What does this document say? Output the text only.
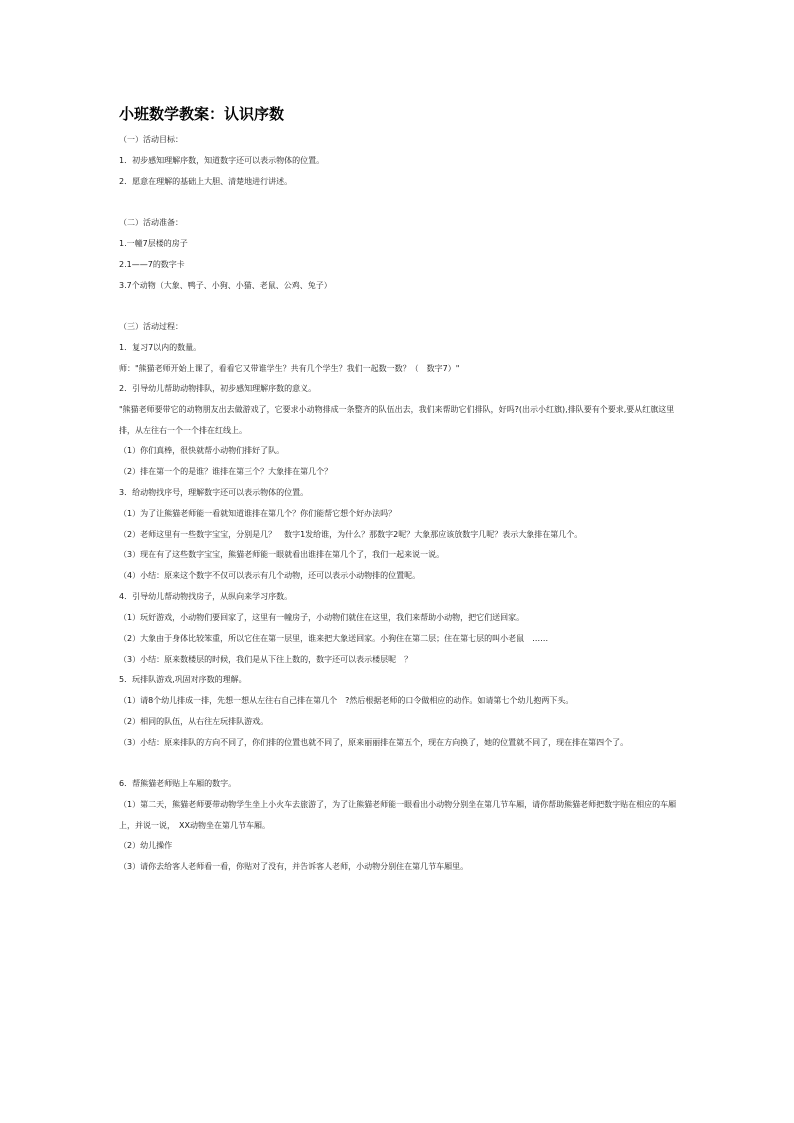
小班数学教案：认识序数
（一）活动目标：
1．初步感知理解序数，知道数字还可以表示物体的位置。
2．愿意在理解的基础上大胆、清楚地进行讲述。
（二）活动准备：
1.一幢7层楼的房子
2.1——7的数字卡
3.7个动物（大象、鸭子、小狗、小猫、老鼠、公鸡、兔子）
（三）活动过程：
1．复习7以内的数量。
师："熊猫老师开始上课了，看看它又带谁学生？共有几个学生？我们一起数一数？（　数字7）"
2．引导幼儿帮助动物排队，初步感知理解序数的意义。
"熊猫老师要带它的动物朋友出去做游戏了，它要求小动物排成一条整齐的队伍出去，我们来帮助它们排队，好吗?(出示小红旗),排队要有个要求,要从红旗这里排，从左往右一个一个排在红线上。
（1）你们真棒，很快就帮小动物们排好了队。
（2）排在第一个的是谁？谁排在第三个？大象排在第几个？
3．给动物找序号，理解数字还可以表示物体的位置。
（1）为了让熊猫老师能一看就知道谁排在第几个？你们能帮它想个好办法吗？
（2）老师这里有一些数字宝宝，分别是几？　数字1发给谁，为什么？那数字2呢？大象那应该放数字几呢？表示大象排在第几个。
（3）现在有了这些数字宝宝，熊猫老师能一眼就看出谁排在第几个了，我们一起来说一说。
（4）小结：原来这个数字不仅可以表示有几个动物，还可以表示小动物排的位置呢。
4．引导幼儿帮动物找房子，从纵向来学习序数。
（1）玩好游戏，小动物们要回家了，这里有一幢房子，小动物们就住在这里，我们来帮助小动物，把它们送回家。
（2）大象由于身体比较笨重，所以它住在第一层里，谁来把大象送回家。小狗住在第二层；住在第七层的叫小老鼠　……
（3）小结：原来数楼层的时候，我们是从下往上数的，数字还可以表示楼层呢　？
5．玩排队游戏,巩固对序数的理解。
（1）请8个幼儿排成一排，先想一想从左往右自己排在第几个　?然后根据老师的口令做相应的动作。如请第七个幼儿抱两下头。
（2）相同的队伍，从右往左玩排队游戏。
（3）小结：原来排队的方向不同了，你们排的位置也就不同了，原来丽丽排在第五个，现在方向换了，她的位置就不同了，现在排在第四个了。
6．帮熊猫老师贴上车厢的数字。
（1）第二天，熊猫老师要带动物学生坐上小火车去旅游了，为了让熊猫老师能一眼看出小动物分别坐在第几节车厢，请你帮助熊猫老师把数字贴在相应的车厢上，并说一说，　XX动物坐在第几节车厢。
（2）幼儿操作
（3）请你去给客人老师看一看，你贴对了没有，并告诉客人老师，小动物分别住在第几节车厢里。
